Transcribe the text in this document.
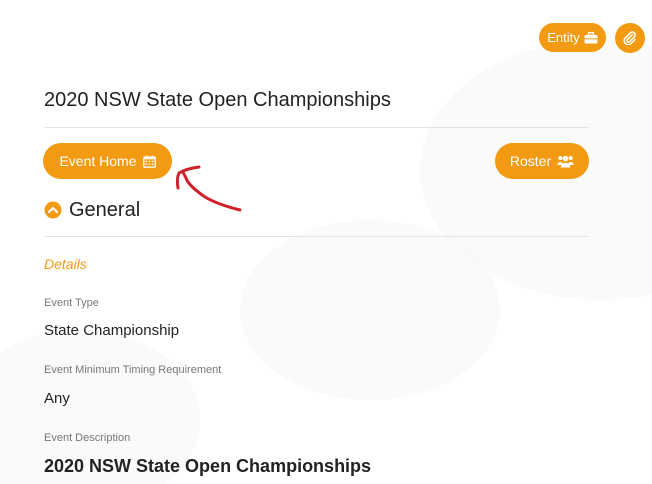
Entity
2020 NSW State Open Championships
Event Home	Roster
General
Details
Event Type
State Championship
Event Minimum Timing Requirement
Any
Event Description
2020 NSW State Open Championships
